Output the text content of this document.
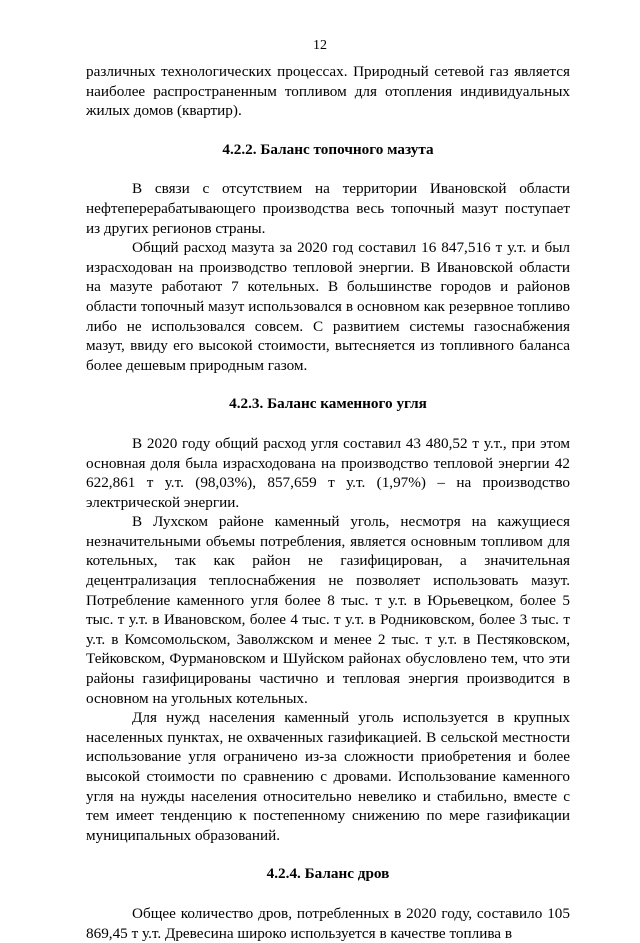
12

различных технологических процессах. Природный сетевой газ является наиболее распространенным топливом для отопления индивидуальных жилых домов (квартир).

4.2.2. Баланс топочного мазута

В связи с отсутствием на территории Ивановской области нефтеперерабатывающего производства весь топочный мазут поступает из других регионов страны.

Общий расход мазута за 2020 год составил 16 847,516 т у.т. и был израсходован на производство тепловой энергии. В Ивановской области на мазуте работают 7 котельных. В большинстве городов и районов области топочный мазут использовался в основном как резервное топливо либо не использовался совсем. С развитием системы газоснабжения мазут, ввиду его высокой стоимости, вытесняется из топливного баланса более дешевым природным газом.

4.2.3. Баланс каменного угля

В 2020 году общий расход угля составил 43 480,52 т у.т., при этом основная доля была израсходована на производство тепловой энергии 42 622,861 т у.т. (98,03%), 857,659 т у.т. (1,97%) – на производство электрической энергии.

В Лухском районе каменный уголь, несмотря на кажущиеся незначительными объемы потребления, является основным топливом для котельных, так как район не газифицирован, а значительная децентрализация теплоснабжения не позволяет использовать мазут. Потребление каменного угля более 8 тыс. т у.т. в Юрьевецком, более 5 тыс. т у.т. в Ивановском, более 4 тыс. т у.т. в Родниковском, более 3 тыс. т у.т. в Комсомольском, Заволжском и менее 2 тыс. т у.т. в Пестяковском, Тейковском, Фурмановском и Шуйском районах обусловлено тем, что эти районы газифицированы частично и тепловая энергия производится в основном на угольных котельных.

Для нужд населения каменный уголь используется в крупных населенных пунктах, не охваченных газификацией. В сельской местности использование угля ограничено из-за сложности приобретения и более высокой стоимости по сравнению с дровами. Использование каменного угля на нужды населения относительно невелико и стабильно, вместе с тем имеет тенденцию к постепенному снижению по мере газификации муниципальных образований.

4.2.4. Баланс дров

Общее количество дров, потребленных в 2020 году, составило 105 869,45 т у.т. Древесина широко используется в качестве топлива в
